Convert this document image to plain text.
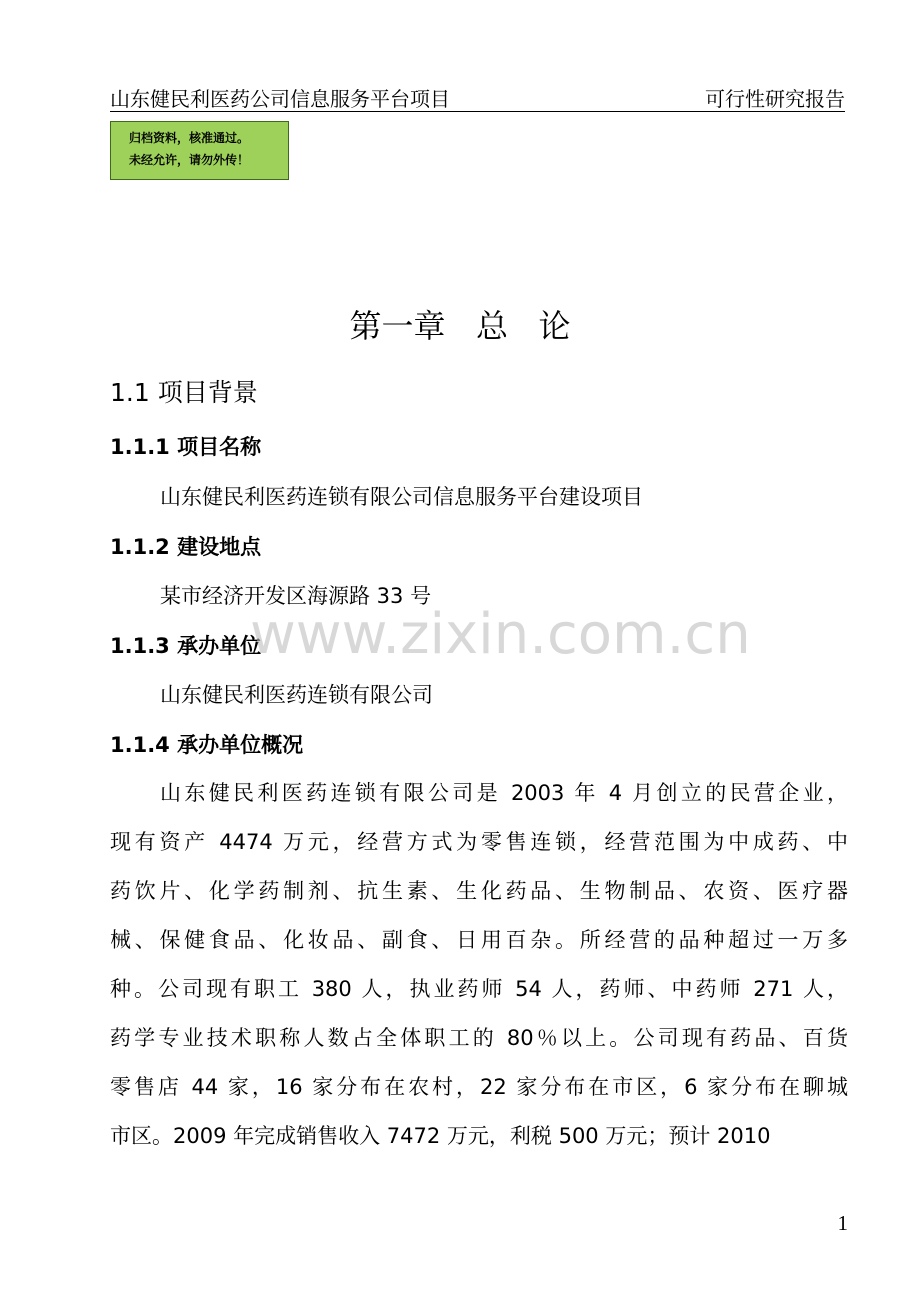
山东健民利医药公司信息服务平台项目	可行性研究报告
归档资料，核准通过。
未经允许，请勿外传！
第一章   总   论
1.1 项目背景
1.1.1 项目名称
山东健民利医药连锁有限公司信息服务平台建设项目
1.1.2 建设地点
某市经济开发区海源路 33 号
1.1.3 承办单位
山东健民利医药连锁有限公司
1.1.4 承办单位概况
山东健民利医药连锁有限公司是 2003 年 4 月创立的民营企业，
现有资产 4474 万元，经营方式为零售连锁，经营范围为中成药、中
药饮片、化学药制剂、抗生素、生化药品、生物制品、农资、医疗器
械、保健食品、化妆品、副食、日用百杂。所经营的品种超过一万多
种。公司现有职工 380 人，执业药师 54 人，药师、中药师 271 人，
药学专业技术职称人数占全体职工的 80％以上。公司现有药品、百货
零售店 44 家，16 家分布在农村，22 家分布在市区，6 家分布在聊城
市区。2009 年完成销售收入 7472 万元，利税 500 万元；预计 2010
www.zixin.com.cn
1
